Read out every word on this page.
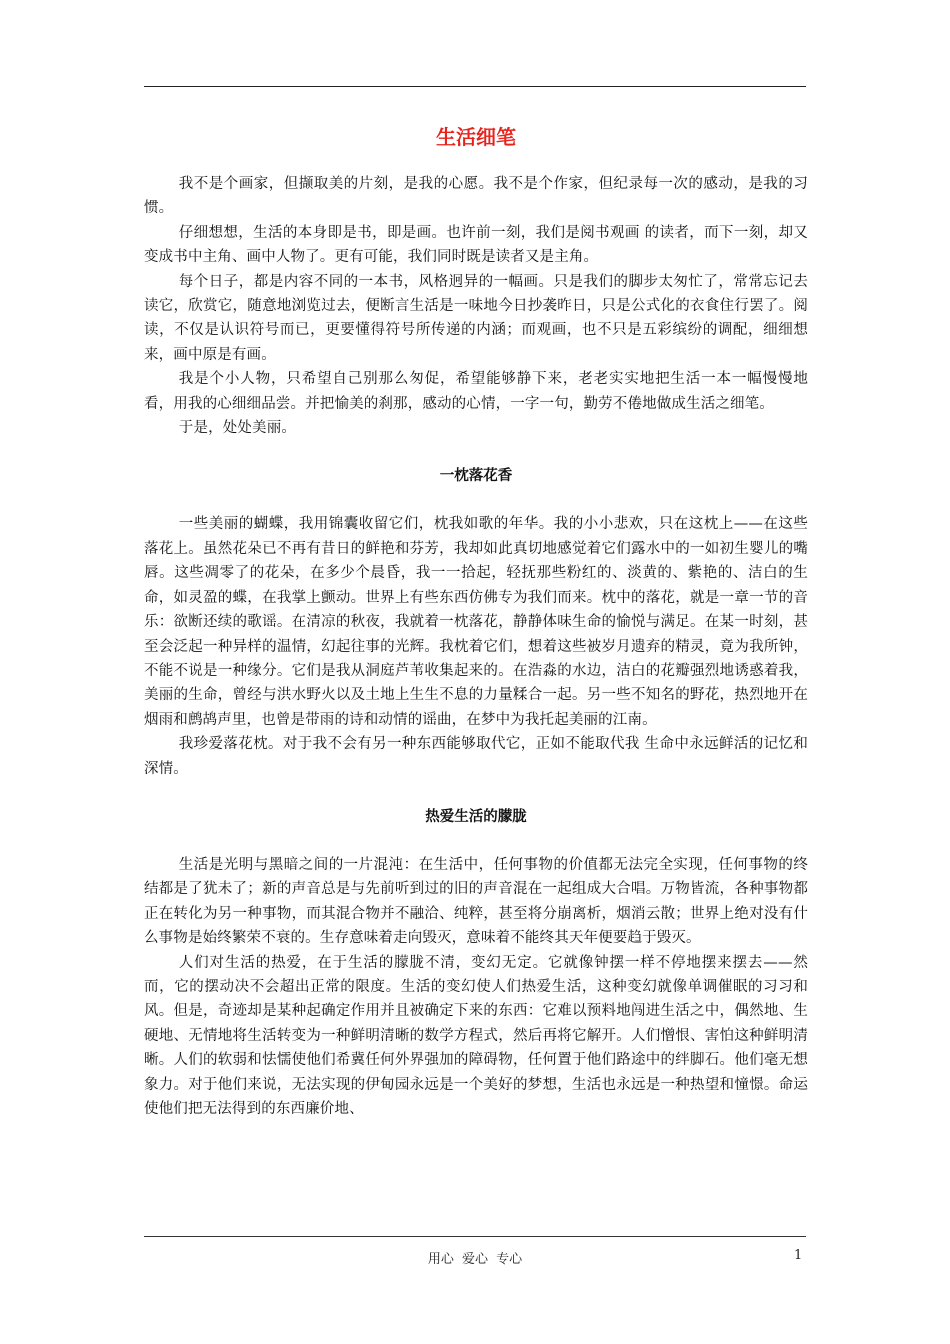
生活细笔

我不是个画家，但撷取美的片刻，是我的心愿。我不是个作家，但纪录每一次的感动，是我的习惯。

仔细想想，生活的本身即是书，即是画。也许前一刻，我们是阅书观画 的读者，而下一刻，却又变成书中主角、画中人物了。更有可能，我们同时既是读者又是主角。

每个日子，都是内容不同的一本书，风格迥异的一幅画。只是我们的脚步太匆忙了，常常忘记去读它，欣赏它，随意地浏览过去，便断言生活是一味地今日抄袭昨日，只是公式化的衣食住行罢了。阅读，不仅是认识符号而已，更要懂得符号所传递的内涵；而观画，也不只是五彩缤纷的调配，细细想来，画中原是有画。

我是个小人物，只希望自己别那么匆促，希望能够静下来，老老实实地把生活一本一幅慢慢地看，用我的心细细品尝。并把愉美的刹那，感动的心情，一字一句，勤劳不倦地做成生活之细笔。

于是，处处美丽。

一枕落花香

一些美丽的蝴蝶，我用锦囊收留它们，枕我如歌的年华。我的小小悲欢，只在这枕上——在这些落花上。虽然花朵已不再有昔日的鲜艳和芬芳，我却如此真切地感觉着它们露水中的一如初生婴儿的嘴唇。这些凋零了的花朵，在多少个晨昏，我一一拾起，轻抚那些粉红的、淡黄的、紫艳的、洁白的生命，如灵盈的蝶，在我掌上颤动。世界上有些东西仿佛专为我们而来。枕中的落花，就是一章一节的音乐：欲断还续的歌谣。在清凉的秋夜，我就着一枕落花，静静体味生命的愉悦与满足。在某一时刻，甚至会泛起一种异样的温情，幻起往事的光辉。我枕着它们，想着这些被岁月遗弃的精灵，竟为我所钟，不能不说是一种缘分。它们是我从洞庭芦苇收集起来的。在浩淼的水边，洁白的花瓣强烈地诱惑着我，美丽的生命，曾经与洪水野火以及土地上生生不息的力量糅合一起。另一些不知名的野花，热烈地开在烟雨和鹧鸪声里，也曾是带雨的诗和动情的谣曲，在梦中为我托起美丽的江南。

我珍爱落花枕。对于我不会有另一种东西能够取代它，正如不能取代我 生命中永远鲜活的记忆和深情。

热爱生活的朦胧

生活是光明与黑暗之间的一片混沌：在生活中，任何事物的价值都无法完全实现，任何事物的终结都是了犹未了；新的声音总是与先前听到过的旧的声音混在一起组成大合唱。万物皆流，各种事物都正在转化为另一种事物，而其混合物并不融洽、纯粹，甚至将分崩离析，烟消云散；世界上绝对没有什么事物是始终繁荣不衰的。生存意味着走向毁灭，意味着不能终其天年便要趋于毁灭。

人们对生活的热爱，在于生活的朦胧不清，变幻无定。它就像钟摆一样不停地摆来摆去——然而，它的摆动决不会超出正常的限度。生活的变幻使人们热爱生活，这种变幻就像单调催眠的习习和风。但是，奇迹却是某种起确定作用并且被确定下来的东西：它难以预料地闯进生活之中，偶然地、生硬地、无情地将生活转变为一种鲜明清晰的数学方程式，然后再将它解开。人们憎恨、害怕这种鲜明清晰。人们的软弱和怯懦使他们希冀任何外界强加的障碍物，任何置于他们路途中的绊脚石。他们毫无想象力。对于他们来说，无法实现的伊甸园永远是一个美好的梦想，生活也永远是一种热望和憧憬。命运使他们把无法得到的东西廉价地、

用心 爱心 专心	1
